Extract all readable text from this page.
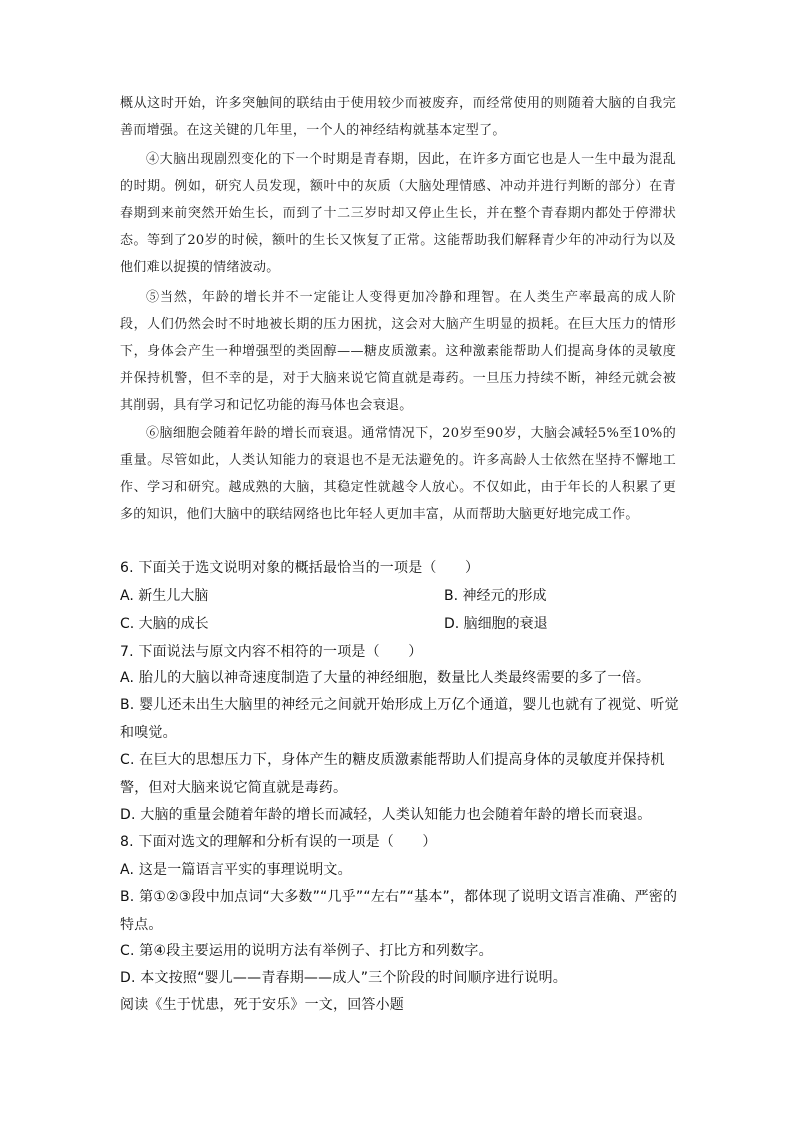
概从这时开始，许多突触间的联结由于使用较少而被废弃，而经常使用的则随着大脑的自我完善而增强。在这关键的几年里，一个人的神经结构就基本定型了。
④大脑出现剧烈变化的下一个时期是青春期，因此，在许多方面它也是人一生中最为混乱的时期。例如，研究人员发现，额叶中的灰质（大脑处理情感、冲动并进行判断的部分）在青春期到来前突然开始生长，而到了十二三岁时却又停止生长，并在整个青春期内都处于停滞状态。等到了20岁的时候，额叶的生长又恢复了正常。这能帮助我们解释青少年的冲动行为以及他们难以捉摸的情绪波动。
⑤当然，年龄的增长并不一定能让人变得更加冷静和理智。在人类生产率最高的成人阶段，人们仍然会时不时地被长期的压力困扰，这会对大脑产生明显的损耗。在巨大压力的情形下，身体会产生一种增强型的类固醇——糖皮质激素。这种激素能帮助人们提高身体的灵敏度并保持机警，但不幸的是，对于大脑来说它简直就是毒药。一旦压力持续不断，神经元就会被其削弱，具有学习和记忆功能的海马体也会衰退。
⑥脑细胞会随着年龄的增长而衰退。通常情况下，20岁至90岁，大脑会减轻5%至10%的重量。尽管如此，人类认知能力的衰退也不是无法避免的。许多高龄人士依然在坚持不懈地工作、学习和研究。越成熟的大脑，其稳定性就越令人放心。不仅如此，由于年长的人积累了更多的知识，他们大脑中的联结网络也比年轻人更加丰富，从而帮助大脑更好地完成工作。
6. 下面关于选文说明对象的概括最恰当的一项是（　　）
A. 新生儿大脑	B. 神经元的形成
C. 大脑的成长	D. 脑细胞的衰退
7. 下面说法与原文内容不相符的一项是（　　）
A. 胎儿的大脑以神奇速度制造了大量的神经细胞，数量比人类最终需要的多了一倍。
B. 婴儿还未出生大脑里的神经元之间就开始形成上万亿个通道，婴儿也就有了视觉、听觉和嗅觉。
C. 在巨大的思想压力下，身体产生的糖皮质激素能帮助人们提高身体的灵敏度并保持机警，但对大脑来说它简直就是毒药。
D. 大脑的重量会随着年龄的增长而减轻，人类认知能力也会随着年龄的增长而衰退。
8. 下面对选文的理解和分析有误的一项是（　　）
A. 这是一篇语言平实的事理说明文。
B. 第①②③段中加点词“大多数”“几乎”“左右”“基本”，都体现了说明文语言准确、严密的特点。
C. 第④段主要运用的说明方法有举例子、打比方和列数字。
D. 本文按照“婴儿——青春期——成人”三个阶段的时间顺序进行说明。
阅读《生于忧患，死于安乐》一文，回答小题
